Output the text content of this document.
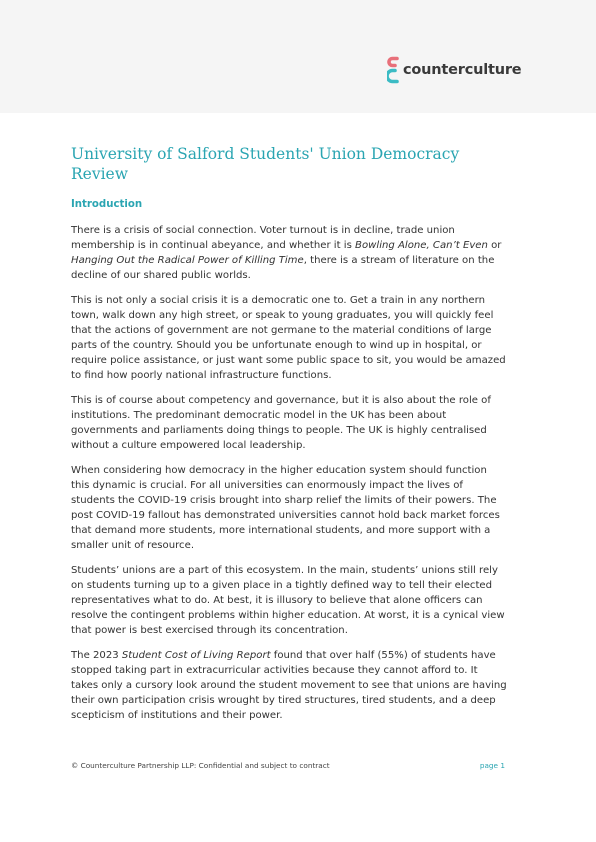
counterculture
University of Salford Students' Union Democracy Review
Introduction

There is a crisis of social connection. Voter turnout is in decline, trade union membership is in continual abeyance, and whether it is Bowling Alone, Can’t Even or Hanging Out the Radical Power of Killing Time, there is a stream of literature on the decline of our shared public worlds.

This is not only a social crisis it is a democratic one to. Get a train in any northern town, walk down any high street, or speak to young graduates, you will quickly feel that the actions of government are not germane to the material conditions of large parts of the country. Should you be unfortunate enough to wind up in hospital, or require police assistance, or just want some public space to sit, you would be amazed to find how poorly national infrastructure functions.

This is of course about competency and governance, but it is also about the role of institutions. The predominant democratic model in the UK has been about governments and parliaments doing things to people. The UK is highly centralised without a culture empowered local leadership.

When considering how democracy in the higher education system should function this dynamic is crucial. For all universities can enormously impact the lives of students the COVID-19 crisis brought into sharp relief the limits of their powers. The post COVID-19 fallout has demonstrated universities cannot hold back market forces that demand more students, more international students, and more support with a smaller unit of resource.

Students’ unions are a part of this ecosystem. In the main, students’ unions still rely on students turning up to a given place in a tightly defined way to tell their elected representatives what to do. At best, it is illusory to believe that alone officers can resolve the contingent problems within higher education. At worst, it is a cynical view that power is best exercised through its concentration.

The 2023 Student Cost of Living Report found that over half (55%) of students have stopped taking part in extracurricular activities because they cannot afford to. It takes only a cursory look around the student movement to see that unions are having their own participation crisis wrought by tired structures, tired students, and a deep scepticism of institutions and their power.

© Counterculture Partnership LLP: Confidential and subject to contract	page 1
